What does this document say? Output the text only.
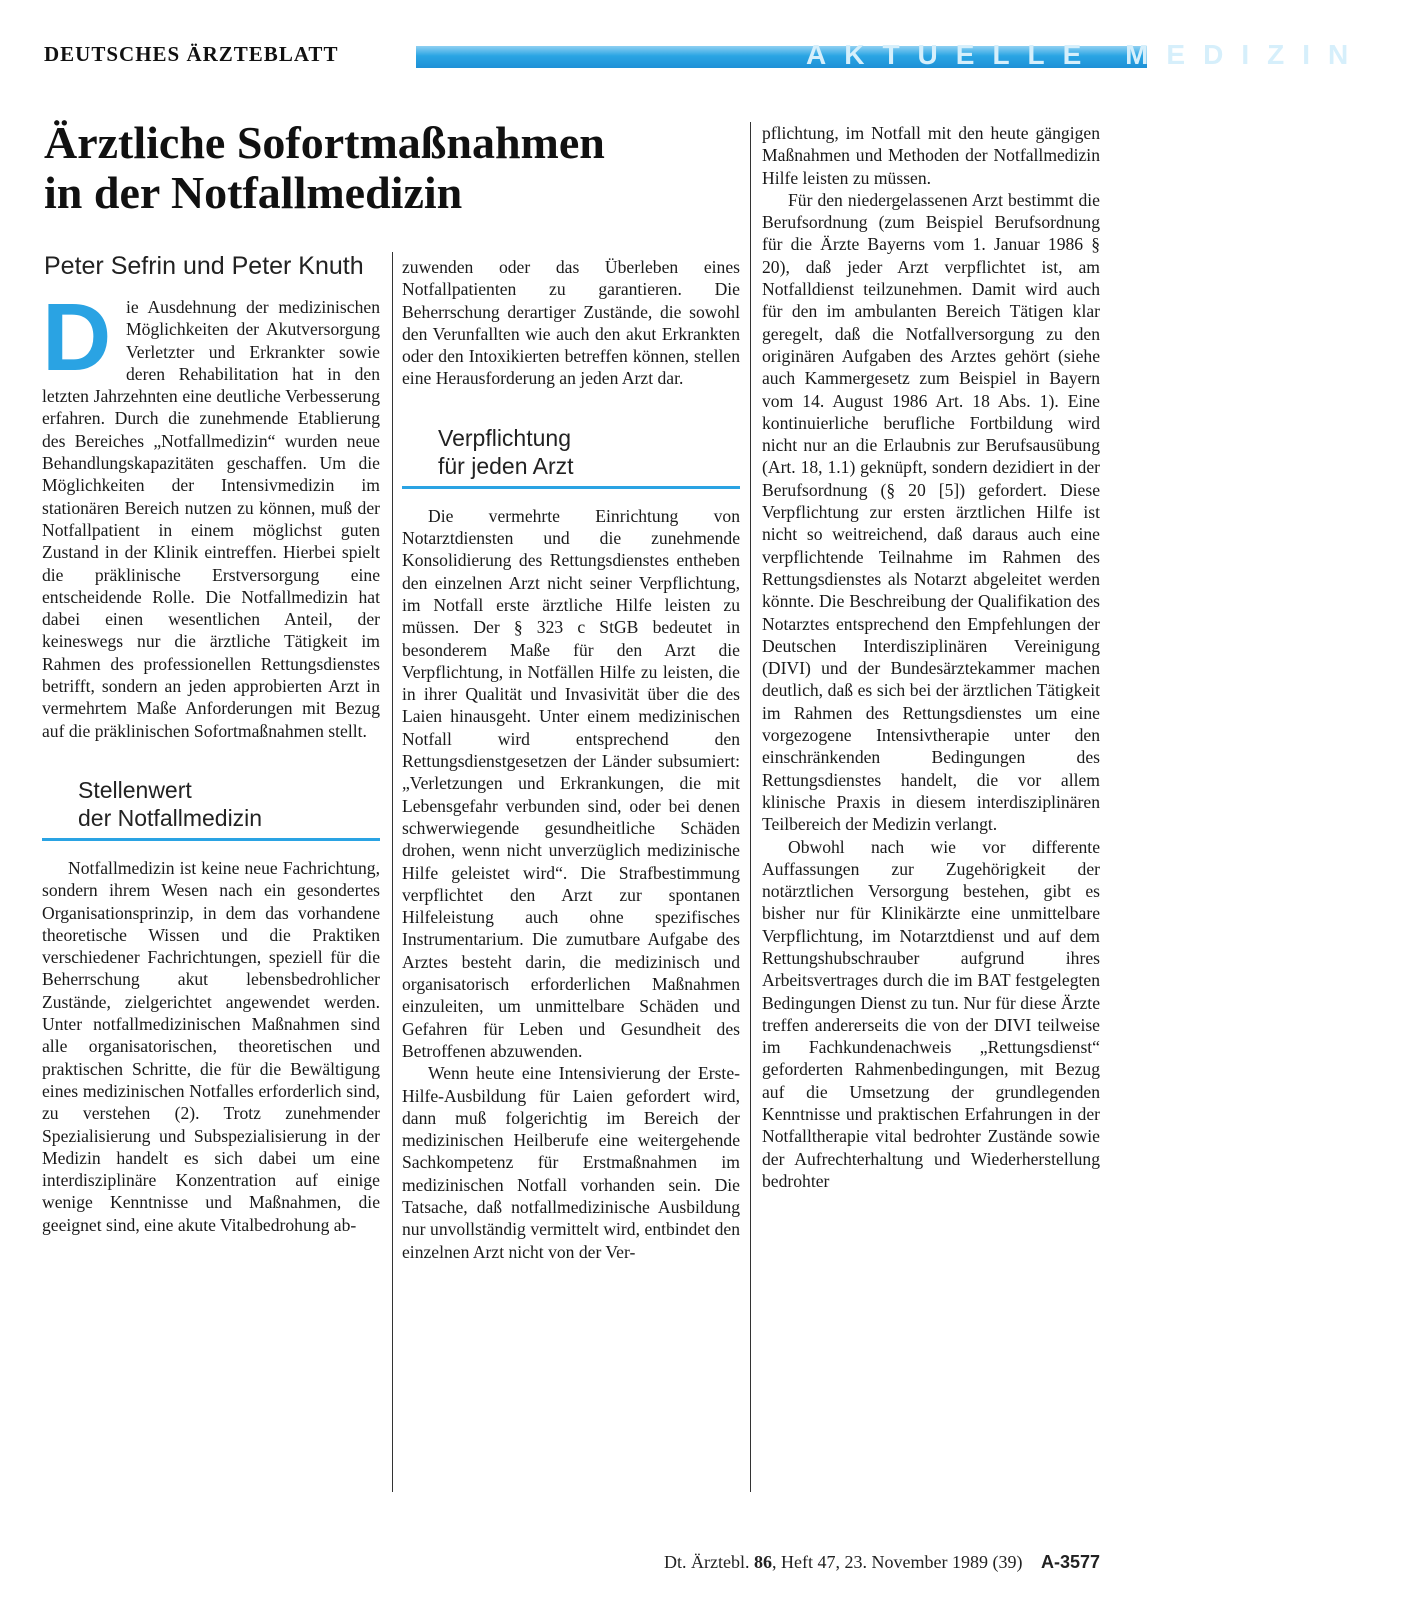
DEUTSCHES ÄRZTEBLATT	AKTUELLE MEDIZIN
Ärztliche Sofortmaßnahmen
in der Notfallmedizin
Peter Sefrin und Peter Knuth

Die Ausdehnung der medizinischen Möglichkeiten der Akutversorgung Verletzter und Erkrankter sowie deren Rehabilitation hat in den letzten Jahrzehnten eine deutliche Verbesserung erfahren. Durch die zunehmende Etablierung des Bereiches „Notfallmedizin“ wurden neue Behandlungskapazitäten geschaffen. Um die Möglichkeiten der Intensivmedizin im stationären Bereich nutzen zu können, muß der Notfallpatient in einem möglichst guten Zustand in der Klinik eintreffen. Hierbei spielt die präklinische Erstversorgung eine entscheidende Rolle. Die Notfallmedizin hat dabei einen wesentlichen Anteil, der keineswegs nur die ärztliche Tätigkeit im Rahmen des professionellen Rettungsdienstes betrifft, sondern an jeden approbierten Arzt in vermehrtem Maße Anforderungen mit Bezug auf die präklinischen Sofortmaßnahmen stellt.

Stellenwert
der Notfallmedizin

Notfallmedizin ist keine neue Fachrichtung, sondern ihrem Wesen nach ein gesondertes Organisationsprinzip, in dem das vorhandene theoretische Wissen und die Praktiken verschiedener Fachrichtungen, speziell für die Beherrschung akut lebensbedrohlicher Zustände, zielgerichtet angewendet werden. Unter notfallmedizinischen Maßnahmen sind alle organisatorischen, theoretischen und praktischen Schritte, die für die Bewältigung eines medizinischen Notfalles erforderlich sind, zu verstehen (2). Trotz zunehmender Spezialisierung und Subspezialisierung in der Medizin handelt es sich dabei um eine interdisziplinäre Konzentration auf einige wenige Kenntnisse und Maßnahmen, die geeignet sind, eine akute Vitalbedrohung ab-

zuwenden oder das Überleben eines Notfallpatienten zu garantieren. Die Beherrschung derartiger Zustände, die sowohl den Verunfallten wie auch den akut Erkrankten oder den Intoxikierten betreffen können, stellen eine Herausforderung an jeden Arzt dar.

Verpflichtung
für jeden Arzt

Die vermehrte Einrichtung von Notarztdiensten und die zunehmende Konsolidierung des Rettungsdienstes entheben den einzelnen Arzt nicht seiner Verpflichtung, im Notfall erste ärztliche Hilfe leisten zu müssen. Der § 323 c StGB bedeutet in besonderem Maße für den Arzt die Verpflichtung, in Notfällen Hilfe zu leisten, die in ihrer Qualität und Invasivität über die des Laien hinausgeht. Unter einem medizinischen Notfall wird entsprechend den Rettungsdienstgesetzen der Länder subsumiert: „Verletzungen und Erkrankungen, die mit Lebensgefahr verbunden sind, oder bei denen schwerwiegende gesundheitliche Schäden drohen, wenn nicht unverzüglich medizinische Hilfe geleistet wird“. Die Strafbestimmung verpflichtet den Arzt zur spontanen Hilfeleistung auch ohne spezifisches Instrumentarium. Die zumutbare Aufgabe des Arztes besteht darin, die medizinisch und organisatorisch erforderlichen Maßnahmen einzuleiten, um unmittelbare Schäden und Gefahren für Leben und Gesundheit des Betroffenen abzuwenden.

Wenn heute eine Intensivierung der Erste-Hilfe-Ausbildung für Laien gefordert wird, dann muß folgerichtig im Bereich der medizinischen Heilberufe eine weitergehende Sachkompetenz für Erstmaßnahmen im medizinischen Notfall vorhanden sein. Die Tatsache, daß notfallmedizinische Ausbildung nur unvollständig vermittelt wird, entbindet den einzelnen Arzt nicht von der Ver-

pflichtung, im Notfall mit den heute gängigen Maßnahmen und Methoden der Notfallmedizin Hilfe leisten zu müssen.

Für den niedergelassenen Arzt bestimmt die Berufsordnung (zum Beispiel Berufsordnung für die Ärzte Bayerns vom 1. Januar 1986 § 20), daß jeder Arzt verpflichtet ist, am Notfalldienst teilzunehmen. Damit wird auch für den im ambulanten Bereich Tätigen klar geregelt, daß die Notfallversorgung zu den originären Aufgaben des Arztes gehört (siehe auch Kammergesetz zum Beispiel in Bayern vom 14. August 1986 Art. 18 Abs. 1). Eine kontinuierliche berufliche Fortbildung wird nicht nur an die Erlaubnis zur Berufsausübung (Art. 18, 1.1) geknüpft, sondern dezidiert in der Berufsordnung (§ 20 [5]) gefordert. Diese Verpflichtung zur ersten ärztlichen Hilfe ist nicht so weitreichend, daß daraus auch eine verpflichtende Teilnahme im Rahmen des Rettungsdienstes als Notarzt abgeleitet werden könnte. Die Beschreibung der Qualifikation des Notarztes entsprechend den Empfehlungen der Deutschen Interdisziplinären Vereinigung (DIVI) und der Bundesärztekammer machen deutlich, daß es sich bei der ärztlichen Tätigkeit im Rahmen des Rettungsdienstes um eine vorgezogene Intensivtherapie unter den einschränkenden Bedingungen des Rettungsdienstes handelt, die vor allem klinische Praxis in diesem interdisziplinären Teilbereich der Medizin verlangt.

Obwohl nach wie vor differente Auffassungen zur Zugehörigkeit der notärztlichen Versorgung bestehen, gibt es bisher nur für Klinikärzte eine unmittelbare Verpflichtung, im Notarztdienst und auf dem Rettungshubschrauber aufgrund ihres Arbeitsvertrages durch die im BAT festgelegten Bedingungen Dienst zu tun. Nur für diese Ärzte treffen andererseits die von der DIVI teilweise im Fachkundenachweis „Rettungsdienst“ geforderten Rahmenbedingungen, mit Bezug auf die Umsetzung der grundlegenden Kenntnisse und praktischen Erfahrungen in der Notfalltherapie vital bedrohter Zustände sowie der Aufrechterhaltung und Wiederherstellung bedrohter

Dt. Ärztebl. 86, Heft 47, 23. November 1989 (39) A-3577
